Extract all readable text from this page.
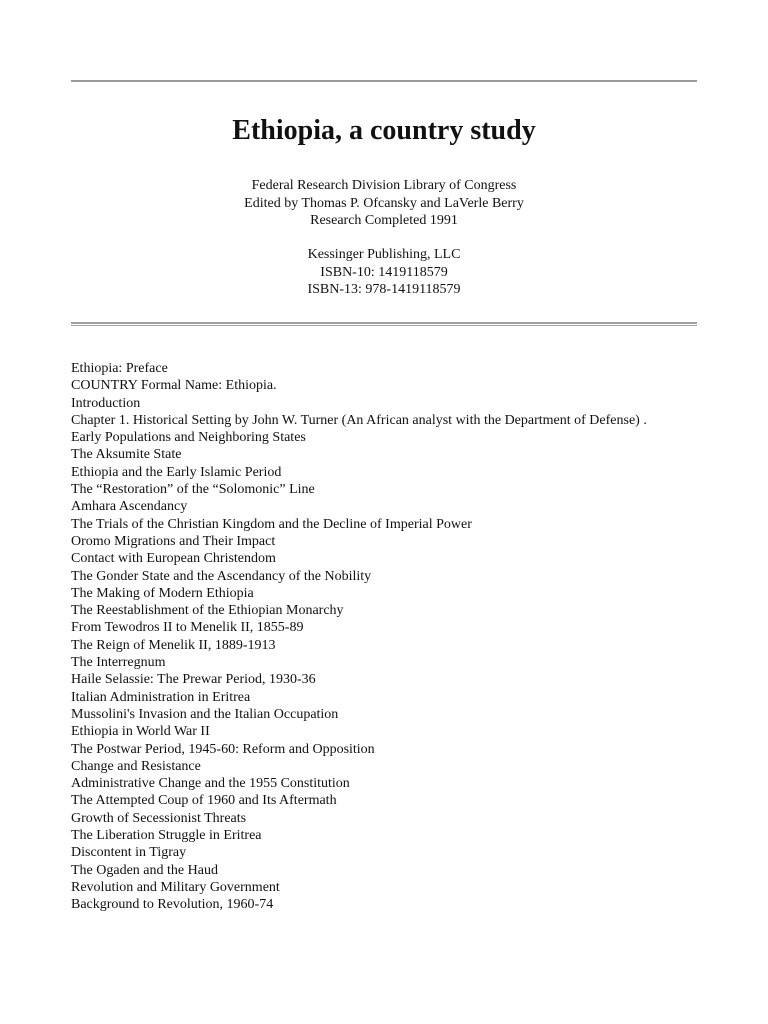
Ethiopia, a country study
Federal Research Division Library of Congress
Edited by Thomas P. Ofcansky and LaVerle Berry
Research Completed 1991
Kessinger Publishing, LLC
ISBN-10: 1419118579
ISBN-13: 978-1419118579
Ethiopia: Preface
COUNTRY Formal Name: Ethiopia.
Introduction
Chapter 1. Historical Setting by John W. Turner (An African analyst with the Department of Defense) .
Early Populations and Neighboring States
The Aksumite State
Ethiopia and the Early Islamic Period
The “Restoration” of the “Solomonic” Line
Amhara Ascendancy
The Trials of the Christian Kingdom and the Decline of Imperial Power
Oromo Migrations and Their Impact
Contact with European Christendom
The Gonder State and the Ascendancy of the Nobility
The Making of Modern Ethiopia
The Reestablishment of the Ethiopian Monarchy
From Tewodros II to Menelik II, 1855-89
The Reign of Menelik II, 1889-1913
The Interregnum
Haile Selassie: The Prewar Period, 1930-36
Italian Administration in Eritrea
Mussolini's Invasion and the Italian Occupation
Ethiopia in World War II
The Postwar Period, 1945-60: Reform and Opposition
Change and Resistance
Administrative Change and the 1955 Constitution
The Attempted Coup of 1960 and Its Aftermath
Growth of Secessionist Threats
The Liberation Struggle in Eritrea
Discontent in Tigray
The Ogaden and the Haud
Revolution and Military Government
Background to Revolution, 1960-74
